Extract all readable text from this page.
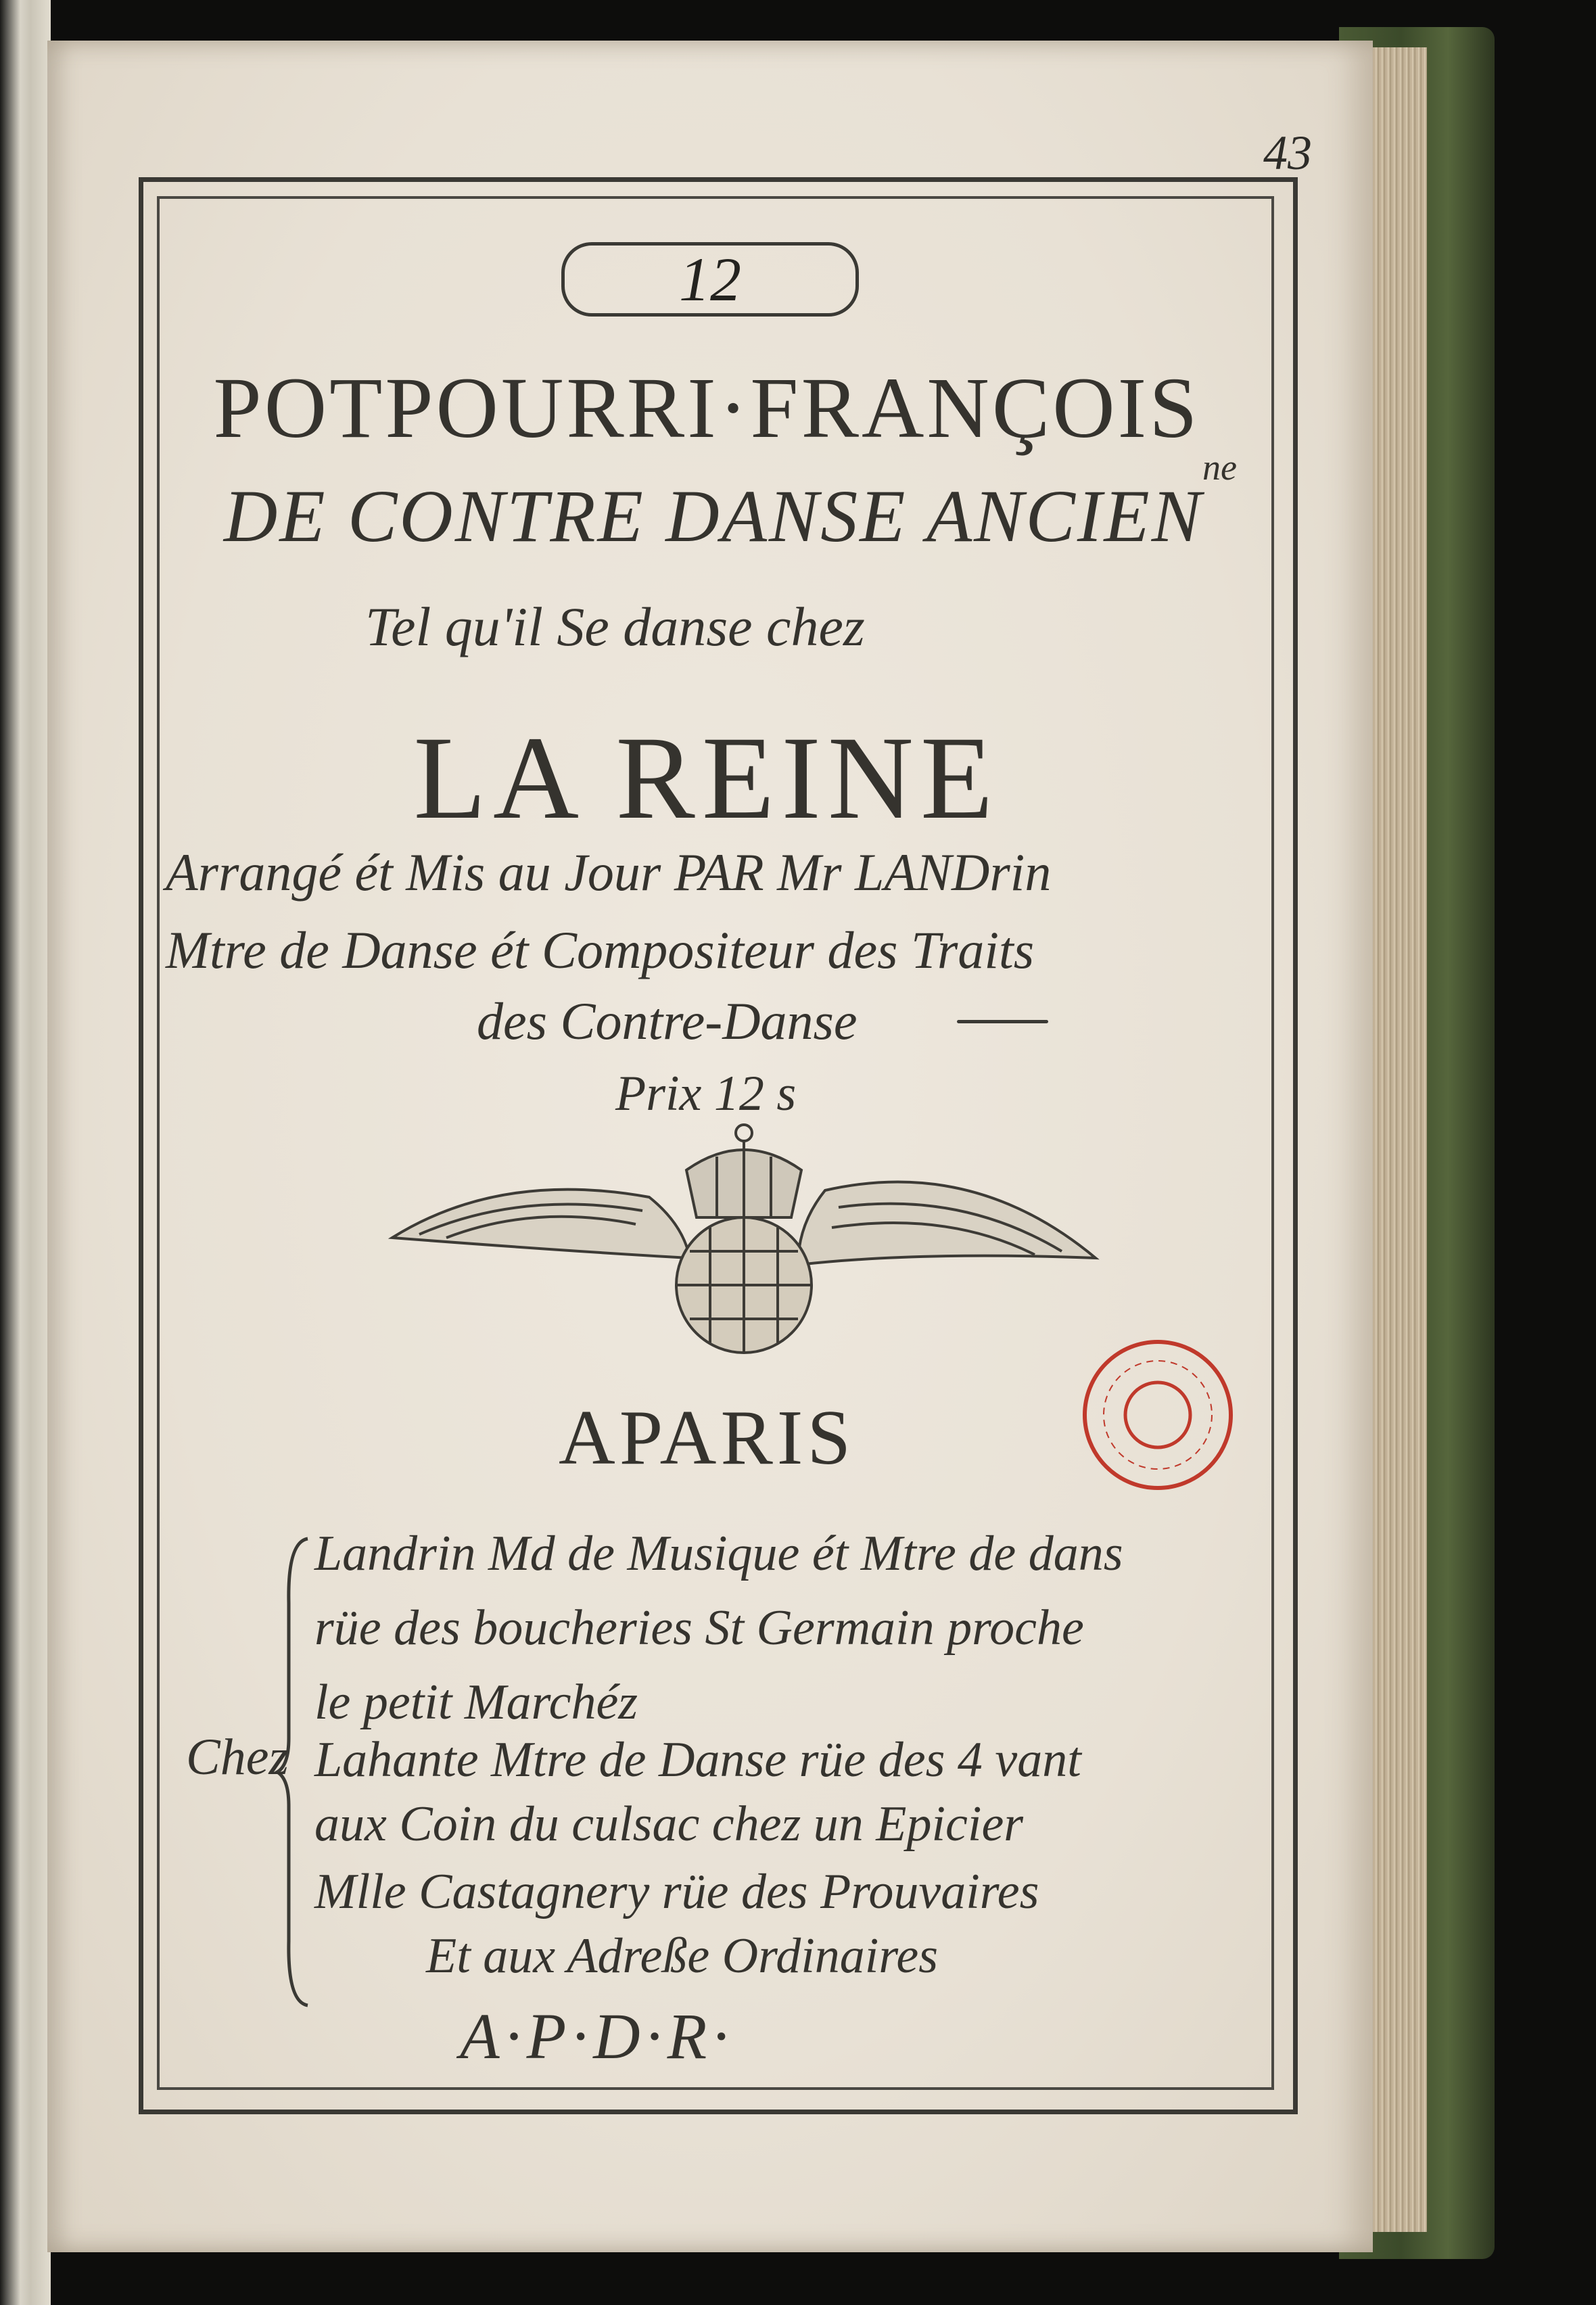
43
12
POTPOURRI·FRANÇOIS
DE CONTRE DANSE ANCIEN
ne
Tel qu'il Se danse chez
LA REINE
Arrangé ét Mis au Jour PAR Mr LANDrin
Mtre de Danse ét Compositeur des Traits
des Contre-Danse
Prix 12 s
APARIS
Chez
Landrin Md de Musique ét Mtre de dans
rüe des boucheries St Germain proche
le petit Marchéz
Lahante Mtre de Danse rüe des 4 vant
aux Coin du culsac chez un Epicier
Mlle Castagnery rüe des Prouvaires
Et aux Adreße Ordinaires
A·P·D·R·
